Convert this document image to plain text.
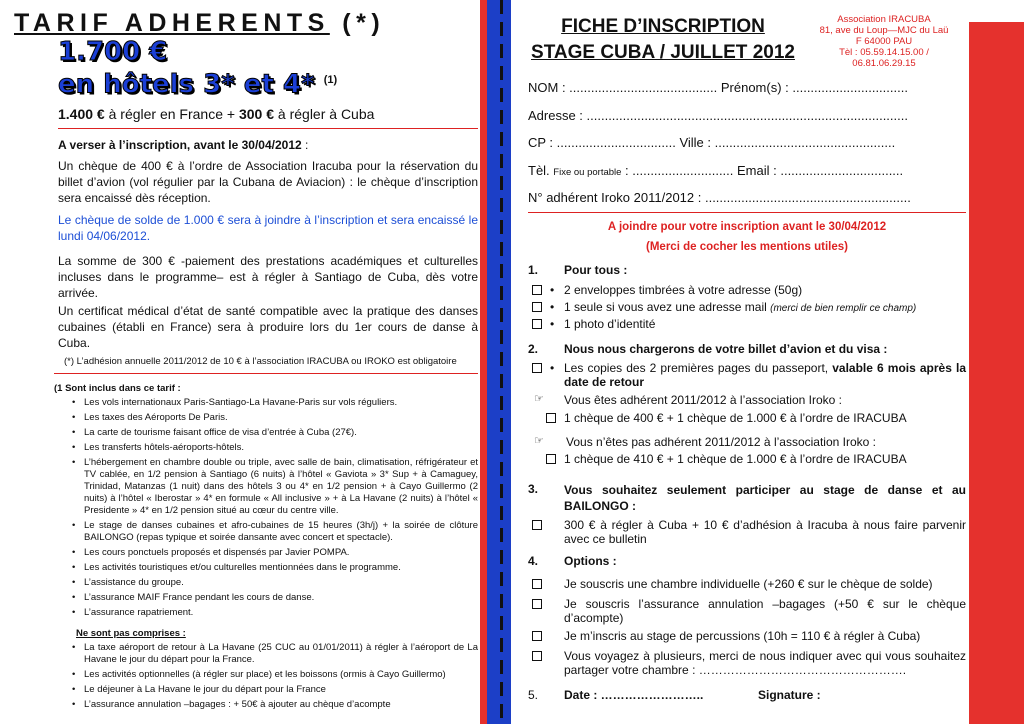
TARIF ADHERENTS (*)
1.700 €
en hôtels 3* et 4* $^{(1)}$
1.400 € à régler en France + 300 € à régler à Cuba
A verser à l’inscription, avant le 30/04/2012 :
Un chèque de 400 € à l’ordre de Association Iracuba pour la réservation du billet d’avion (vol régulier par la Cubana de Aviacion) : le chèque d’inscription sera encaissé dès réception.
Le chèque de solde de 1.000 € sera à joindre à l’inscription et sera encaissé le lundi 04/06/2012.
La somme de 300 € -paiement des prestations académiques et culturelles incluses dans le programme– est à régler à Santiago de Cuba, dès votre arrivée.
Un certificat médical d’état de santé compatible avec la pratique des danses cubaines (établi en France) sera à produire lors du 1er cours de danse à Cuba.
(*) L’adhésion annuelle 2011/2012 de 10 € à l’association IRACUBA ou IROKO est obligatoire
(1 Sont inclus dans ce tarif :
• Les vols internationaux Paris-Santiago-La Havane-Paris sur vols réguliers.
• Les taxes des Aéroports De Paris.
• La carte de tourisme faisant office de visa d’entrée à Cuba (27€).
• Les transferts hôtels-aéroports-hôtels.
• L’hébergement en chambre double ou triple, avec salle de bain, climatisation, réfrigérateur et TV cablée, en 1/2 pension à Santiago (6 nuits) à l’hôtel « Gaviota » 3* Sup + à Camaguey, Trinidad, Matanzas (1 nuit) dans des hôtels 3 ou 4* en 1/2 pension + à Cayo Guillermo (2 nuits) à l’hôtel « Iberostar » 4* en formule « All inclusive » + à La Havane (2 nuits) à l’hôtel « Presidente » 4* en 1/2 pension situé au cœur du centre ville.
• Le stage de danses cubaines et afro-cubaines de 15 heures (3h/j) + la soirée de clôture BAILONGO (repas typique et soirée dansante avec concert et spectacle).
• Les cours ponctuels proposés et dispensés par Javier POMPA.
• Les activités touristiques et/ou culturelles mentionnées dans le programme.
• L’assistance du groupe.
• L’assurance MAIF France pendant les cours de danse.
• L’assurance rapatriement.
Ne sont pas comprises :
• La taxe aéroport de retour à La Havane (25 CUC au 01/01/2011) à régler à l’aéroport de La Havane le jour du départ pour la France.
• Les activités optionnelles (à régler sur place) et les boissons (ormis à Cayo Guillermo)
• Le déjeuner à La Havane le jour du départ pour la France
• L’assurance annulation –bagages : + 50€ à ajouter au chèque d’acompte
FICHE D’INSCRIPTION
STAGE CUBA / JUILLET 2012
Association IRACUBA
81, ave du Loup—MJC du Laü
F 64000 PAU
Tèl : 05.59.14.15.00 /
06.81.06.29.15
NOM : ......................................... Prénom(s) : ................................
Adresse : .........................................................................................
CP : ................................. Ville : ..................................................
Tèl. Fixe ou portable : ............................ Email : ..................................
N° adhérent Iroko 2011/2012 : .........................................................
A joindre pour votre inscription avant le 30/04/2012
(Merci de cocher les mentions utiles)
1. Pour tous :
• 2 enveloppes timbrées à votre adresse (50g)
• 1 seule si vous avez une adresse mail (merci de bien remplir ce champ)
• 1 photo d’identité
2. Nous nous chargerons de votre billet d’avion et du visa :
• Les copies des 2 premières pages du passeport, valable 6 mois après la date de retour
☞ Vous êtes adhérent 2011/2012 à l’association Iroko :
1 chèque de 400 € + 1 chèque de 1.000 € à l’ordre de IRACUBA
☞ Vous n’êtes pas adhérent 2011/2012 à l’association Iroko :
1 chèque de 410 € + 1 chèque de 1.000 € à l’ordre de IRACUBA
3.	Vous souhaitez seulement participer au stage de danse et au BAILONGO :
300 € à régler à Cuba + 10 € d’adhésion à Iracuba à nous faire parvenir avec ce bulletin
4. Options :
Je souscris une chambre individuelle (+260 € sur le chèque de solde)
Je souscris l’assurance annulation –bagages (+50 € sur le chèque d’acompte)
Je m’inscris au stage de percussions (10h = 110 € à régler à Cuba)
Vous voyagez à plusieurs, merci de nous indiquer avec qui vous souhaitez partager votre chambre : …………………………………………….
5. Date : ……………………..	Signature :
